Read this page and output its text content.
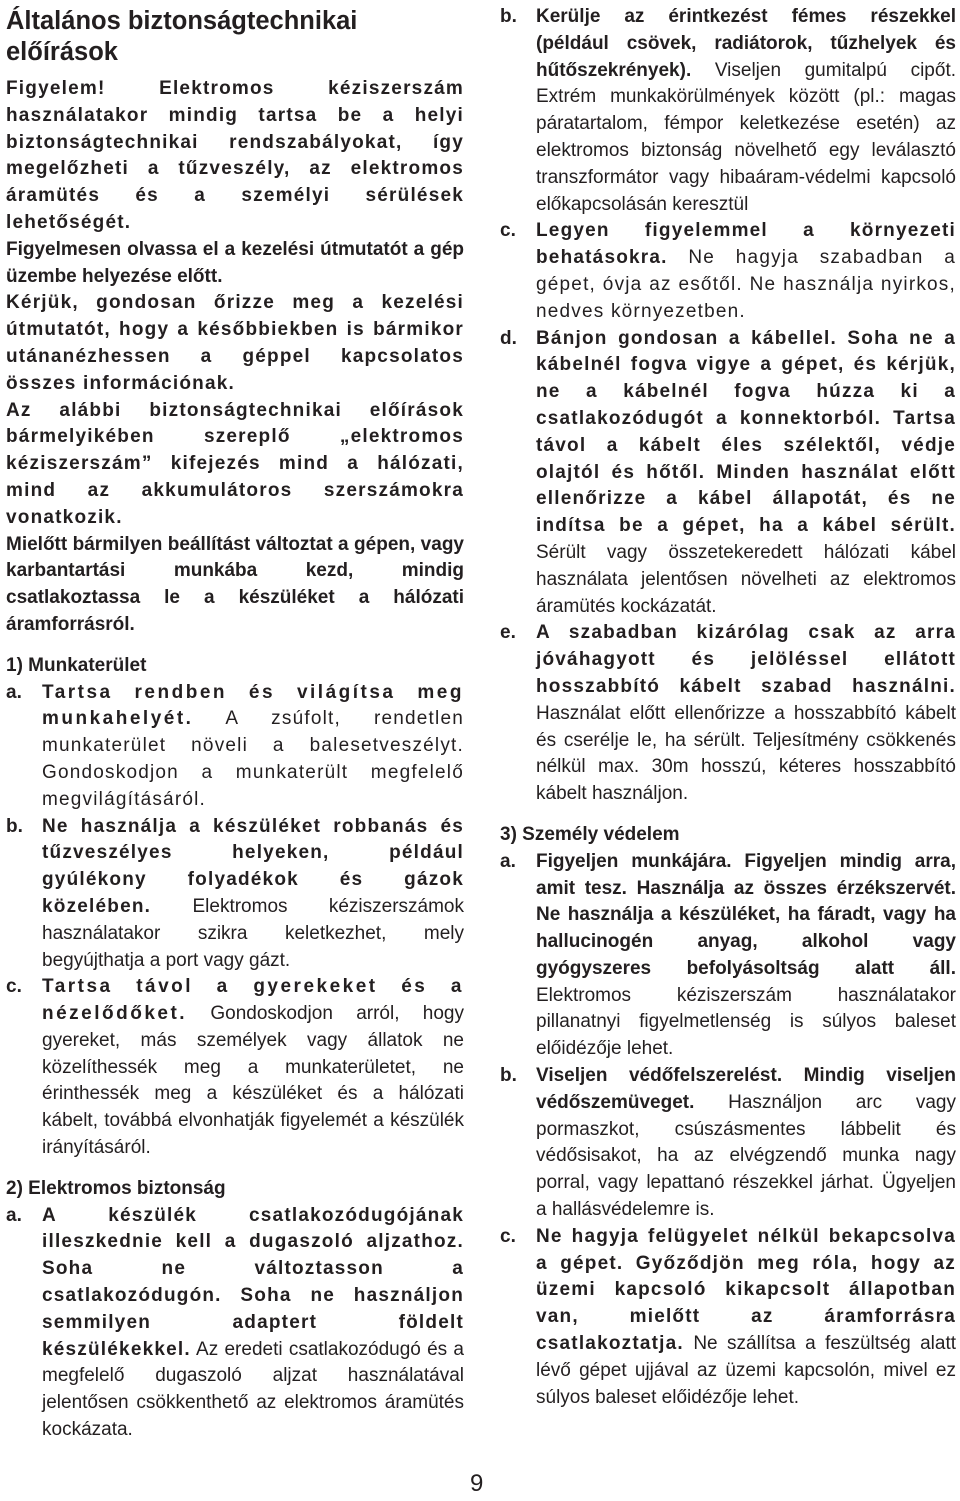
Általános biztonságtechnikai előírások

Figyelem! Elektromos kéziszerszám használatakor mindig tartsa be a helyi biztonságtechnikai rendszabályokat, így megelőzheti a tűzveszély, az elektromos áramütés és a személyi sérülések lehetőségét.

Figyelmesen olvassa el a kezelési útmutatót a gép üzembe helyezése előtt.

Kérjük, gondosan őrizze meg a kezelési útmutatót, hogy a későbbiekben is bármikor utánanézhessen a géppel kapcsolatos összes információnak.

Az alábbi biztonságtechnikai előírások bármelyikében szereplő „elektromos kéziszerszám” kifejezés mind a hálózati, mind az akkumulátoros szerszámokra vonatkozik.

Mielőtt bármilyen beállítást változtat a gépen, vagy karbantartási munkába kezd, mindig csatlakoztassa le a készüléket a hálózati áramforrásról.

1) Munkaterület
a.	Tartsa rendben és világítsa meg munkahelyét. A zsúfolt, rendetlen munkaterület növeli a balesetveszélyt. Gondoskodjon a munkaterült megfelelő megvilágításáról.
b.	Ne használja a készüléket robbanás és tűzveszélyes helyeken, például gyúlékony folyadékok és gázok közelében. Elektromos kéziszerszámok használatakor szikra keletkezhet, mely begyújthatja a port vagy gázt.
c.	Tartsa távol a gyerekeket és a nézelődőket. Gondoskodjon arról, hogy gyereket, más személyek vagy állatok ne közelíthessék meg a munkaterületet, ne érinthessék meg a készüléket és a hálózati kábelt, továbbá elvonhatják figyelemét a készülék irányításáról.
2) Elektromos biztonság
a.	A készülék csatlakozódugójának illeszkednie kell a dugaszoló aljzathoz. Soha ne változtasson a csatlakozódugón. Soha ne használjon semmilyen adaptert földelt készülékekkel. Az eredeti csatlakozódugó és a megfelelő dugaszoló aljzat használatával jelentősen csökkenthető az elektromos áramütés kockázata.
b.	Kerülje az érintkezést fémes részekkel (például csövek, radiátorok, tűzhelyek és hűtőszekrények). Viseljen gumitalpú cipőt. Extrém munkakörülmények között (pl.: magas páratartalom, fémpor keletkezése esetén) az elektromos biztonság növelhető egy leválasztó transzformátor vagy hibaáram-védelmi kapcsoló előkapcsolásán keresztül
c.	Legyen figyelemmel a környezeti behatásokra. Ne hagyja szabadban a gépet, óvja az esőtől. Ne használja nyirkos, nedves környezetben.
d.	Bánjon gondosan a kábellel. Soha ne a kábelnél fogva vigye a gépet, és kérjük, ne a kábelnél fogva húzza ki a csatlakozódugót a konnektorból. Tartsa távol a kábelt éles szélektől, védje olajtól és hőtől. Minden használat előtt ellenőrizze a kábel állapotát, és ne indítsa be a gépet, ha a kábel sérült. Sérült vagy összetekeredett hálózati kábel használata jelentősen növelheti az elektromos áramütés kockázatát.
e.	A szabadban kizárólag csak az arra jóváhagyott és jelöléssel ellátott hosszabbító kábelt szabad használni. Használat előtt ellenőrizze a hosszabbító kábelt és cserélje le, ha sérült. Teljesítmény csökkenés nélkül max. 30m hosszú, kéteres hosszabbító kábelt használjon.
3) Személy védelem
a.	Figyeljen munkájára. Figyeljen mindig arra, amit tesz. Használja az összes érzékszervét. Ne használja a készüléket, ha fáradt, vagy ha hallucinogén anyag, alkohol vagy gyógyszeres befolyásoltság alatt áll. Elektromos kéziszerszám használatakor pillanatnyi figyelmetlenség is súlyos baleset előidézője lehet.
b.	Viseljen védőfelszerelést. Mindig viseljen védőszemüveget. Használjon arc vagy pormaszkot, csúszásmentes lábbelit és védősisakot, ha az elvégzendő munka nagy porral, vagy lepattanó részekkel járhat. Ügyeljen a hallásvédelemre is.
c.	Ne hagyja felügyelet nélkül bekapcsolva a gépet. Győződjön meg róla, hogy az üzemi kapcsoló kikapcsolt állapotban van, mielőtt az áramforrásra csatlakoztatja. Ne szállítsa a feszültség alatt lévő gépet ujjával az üzemi kapcsolón, mivel ez súlyos baleset előidézője lehet.
9
